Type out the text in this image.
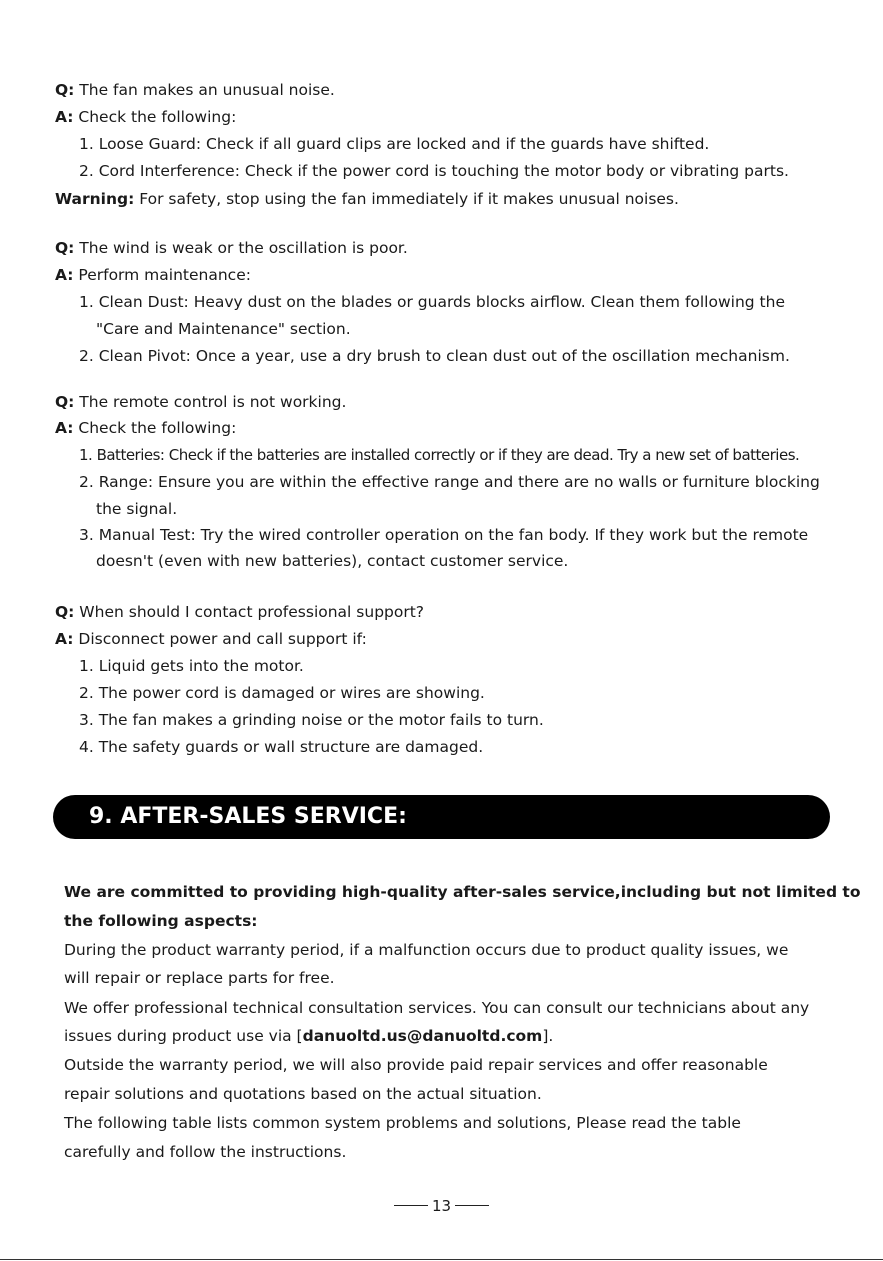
Q: The fan makes an unusual noise.
A: Check the following:
1. Loose Guard: Check if all guard clips are locked and if the guards have shifted.
2. Cord Interference: Check if the power cord is touching the motor body or vibrating parts.
Warning: For safety, stop using the fan immediately if it makes unusual noises.
Q: The wind is weak or the oscillation is poor.
A: Perform maintenance:
1. Clean Dust: Heavy dust on the blades or guards blocks airflow. Clean them following the
"Care and Maintenance" section.
2. Clean Pivot: Once a year, use a dry brush to clean dust out of the oscillation mechanism.
Q: The remote control is not working.
A: Check the following:
1. Batteries: Check if the batteries are installed correctly or if they are dead. Try a new set of batteries.
2. Range: Ensure you are within the effective range and there are no walls or furniture blocking
the signal.
3. Manual Test: Try the wired controller operation on the fan body. If they work but the remote
doesn't (even with new batteries), contact customer service.
Q: When should I contact professional support?
A: Disconnect power and call support if:
1. Liquid gets into the motor.
2. The power cord is damaged or wires are showing.
3. The fan makes a grinding noise or the motor fails to turn.
4. The safety guards or wall structure are damaged.
9. AFTER-SALES SERVICE:
We are committed to providing high-quality after-sales service,including but not limited to
the following aspects:
During the product warranty period, if a malfunction occurs due to product quality issues, we
will repair or replace parts for free.
We offer professional technical consultation services. You can consult our technicians about any
issues during product use via [danuoltd.us@danuoltd.com].
Outside the warranty period, we will also provide paid repair services and offer reasonable
repair solutions and quotations based on the actual situation.
The following table lists common system problems and solutions, Please read the table
carefully and follow the instructions.
13
